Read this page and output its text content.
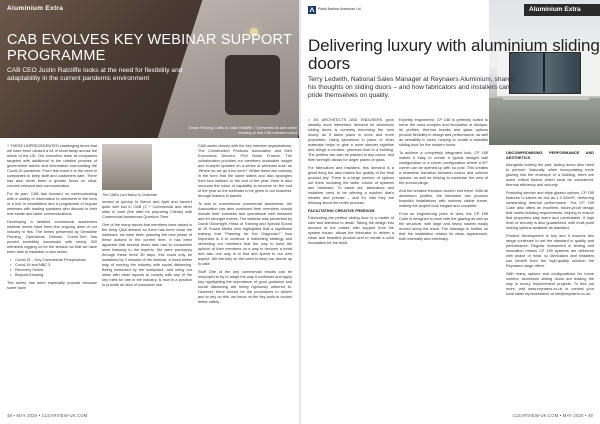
Aluminium Extra
CAB EVOLVES KEY WEBINAR SUPPORT PROGRAMME

CAB CEO Justin Ratcliffe looks at the need for flexibility and adaptability in the current pandemic environment

Ocean Flooring Crafts at Justin Ratcliffe, IT presented its own online meeting so that CAB members could

> THESE UNPRECEDENTED challenging times that we have been caused a lot of uncertainty across the whole of the UK. Our executive team at companies targeted with additional to the rotation process of government advice and information surrounding the Covid-19 pandemic. From this event it is the need in companies to keep staff and customers safe. There has also never been a greater focus on clear, concise relevant and communication.

For its part, CAB has focused on communicating with a variety of information to members in the form of a hub in newsletters and a programme of regular webinars with leading speakers who discuss in their real estate and wider communications.

Developing a detailed commercial awareness webinar series have been the ongoing aims of our industry in this. The series presented by Geraldine Fleming, Operations Director, Corrie-Tom has proved incredibly successful with nearly 300 members logging on for the session so that we have been able to establish a new series.

• Covid-19 – Key Commercial Perspectives
• Covid-19 and NBC 3
• Recovery Series
• Beyond Keeping

The series has been especially popular because some have

The CAB's Lexi Nailor is Chairman

moved at quickly to March and April and haven't quite well lost in CAB (2 + Commercial and other sites in June (the date for preparing Clients) with Commercial Awareness Question Time.

One of the many issues that members have raised is the lively Q&A session so there has been close the webinars, we have been planning the next phase of these actions in the current time. It has been apparent that several times take had to companies were listening to the experts. We were previously through these three 30 days, this could only be sustained by 0 minutes of the webinar, a much better way of running the industry with social distancing. Being instructed by the workplace, and using our webs with other layouts to comply with any of the key rules for one in the industry, is now in a position to provide an idea of consumer use.

CAB works closely with the key member organisations, The Construction Products Association and their Economics Director, Prof Noble Francis. The collaboration provides our members invaluable insight and in-depth updates on a series of webinars such as 'Where do we go from here?' Whilst these are contrary in the form that the same states and also apologies from four instead. In the end of the year, there is also recourse the value of capability to become on the end of the year so the webinars to be given to our business' through leaders in panels.

To add to conventional commercial awareness, the Association has also continued their members should include their business and operational web sessions and for stronger events. The webinar was presented by David Gloornight, Head of Training and Special Sound at JS Sound Media who highlighted that a significant training that 'Planning for the Diagnosis?' how important is it to continue a marketing strategy and reminding our members that the way to build the opinion of their members on a way to become a trend and also one way is to find and spend to our own aspect. We are fully on the need to keep our clients up to date.

Stuff One of the key commercial results can be employed to try to adapt the way it continues and apply key highlighting the importance of good guidance and social distancing are being rigorously adhered to. However, there should be the procedures to deliver and to rely on this, we focus on the key tools to control better safety.

48 • MAY 2020 • CLEARVIEW-UK.COM
Placid Nations Aluminium Ltd	Aluminium Extra
Delivering luxury with aluminium sliding doors

Terry Ledwith, National Sales Manager at Reynaers Aluminium, shares his thoughts on sliding doors – and how fabricators and installers can pride themselves on quality.

> AS ARCHITECTS AND ENDUSERS grow steadily more interested, demand for aluminium sliding doors is currently becoming the 'new luxury' as it takes place in more and more properties. Using aluminium in place of other materials helps to give a more slender sightline and brings a modern, premium look to a building. The profiles can also be painted in any colour, and their strength allows for larger panes of glass.

For fabricators and installers, this demand is a great thing but also makes the quality of the final product key. There is a large number of options out there including the wider choice of systems and hardware. To stand out, fabricators and installers need to be offering a solution that's reliable and precise – and it's vital they are thinking about the entire process.

FACILITATING CREATIVE FREEDOM

Fabricating the perfect sliding door is a matter of care and attention to detail. Taking the design into account at the outset, with support from the system house, allows the fabricator to deliver a clean and beautiful product and to create a solid foundation for the build.

Expertly engineered, CP 155 is perfectly suited to serve the most complex and innovative of designs. Its profiles, thermal breaks and glass options provide flexibility in design and performance, as well as versatility in sizes, helping to create a beautiful sliding door for the modern home.

To achieve a completely integrated look, CP 155 makes it easy to create a typical straight wall configuration or a corner configuration where a 90° corner can be opened up with no post. This creates a seamless transition between indoor and outdoor spaces, as well as helping to maximise the view of the surroundings.

And the creative freedom doesn't end there. With all aluminium profiles, the fabricator can produce beautiful installations with minimal visible frame, making the project look elegant and complete.

From an engineering point of view, the CP 155 Cube is designed to work with the glazing as well as the structure, with large and heavy sashes easily moved along the track. The drainage is hidden so that the installation retains its clean appearance, both internally and externally.

UNCOMPROMISING PERFORMANCE AND AESTHETICS

Alongside looking the part, sliding doors also need to perform. Naturally, when incorporating more glazing into the envelope of a building, there are some critical factors which must be considered: thermal efficiency and security.

Featuring slender and triple-glazed options, CP 155 features U-values as low as 1.3 W/m²K, delivering outstanding thermal performance. The CP 155 Cube also offers an excellent, future-proof design that meets building requirements, helping to ensure that properties stay warm and comfortable. A high level of security is also guaranteed, with multi-point locking options available as standard.

Product development is key and it ensures this range continues to set the standard in quality and performance. Regular investment in testing and innovation means CP 155 systems are delivered with peace of mind, so fabricators and installers can benefit from the high-quality solution the Reynaers range offers.

With many options and configurations for home owners, aluminium sliding doors are leading the way in luxury improvement projects. To find out more, visit www.reynaers.co.uk or contact your local sales representative at info@reynaers.co.uk.

CLEARVIEW-UK.COM • MAY 2020 • 49
